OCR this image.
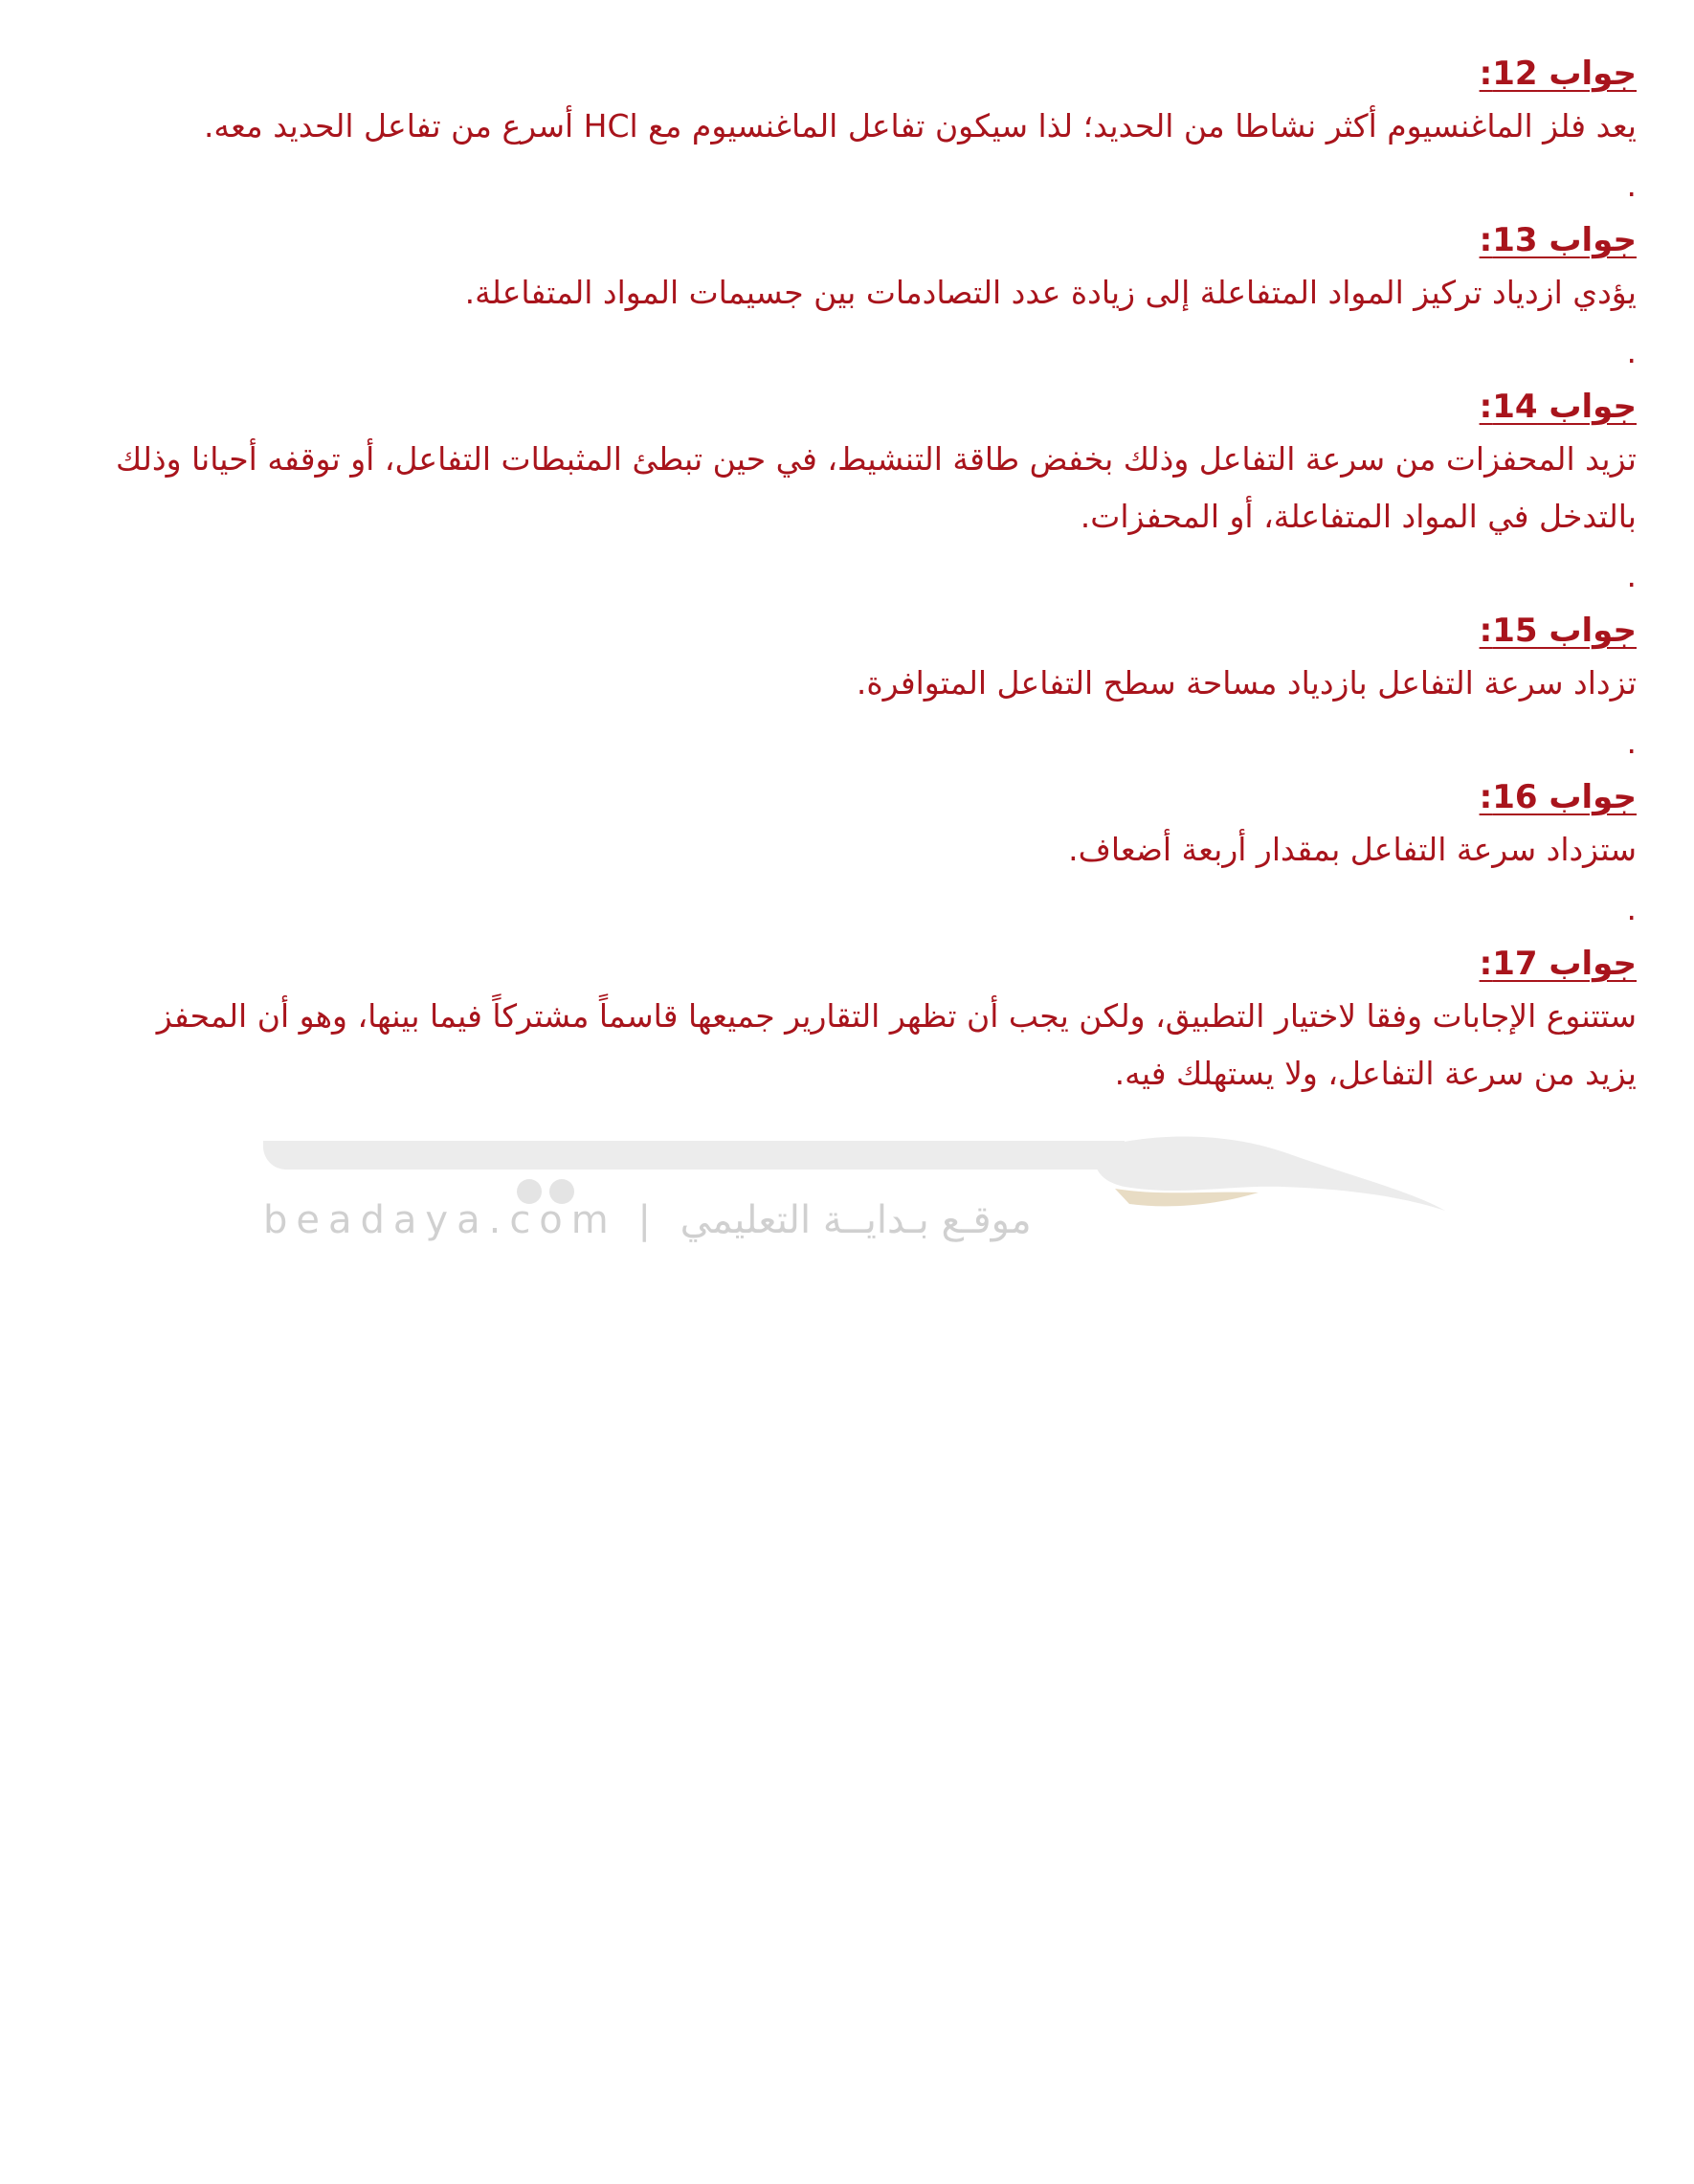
جواب 12:
يعد فلز الماغنسيوم أكثر نشاطا من الحديد؛ لذا سيكون تفاعل الماغنسيوم مع HCl أسرع من تفاعل الحديد معه.
.
جواب 13:
يؤدي ازدياد تركيز المواد المتفاعلة إلى زيادة عدد التصادمات بين جسيمات المواد المتفاعلة.
.
جواب 14:
تزيد المحفزات من سرعة التفاعل وذلك بخفض طاقة التنشيط، في حين تبطئ المثبطات التفاعل، أو توقفه أحيانا وذلك
بالتدخل في المواد المتفاعلة، أو المحفزات.
.
جواب 15:
تزداد سرعة التفاعل بازدياد مساحة سطح التفاعل المتوافرة.
.
جواب 16:
ستزداد سرعة التفاعل بمقدار أربعة أضعاف.
.
جواب 17:
ستتنوع الإجابات وفقا لاختيار التطبيق، ولكن يجب أن تظهر التقارير جميعها قاسماً مشتركاً فيما بينها، وهو أن المحفز
يزيد من سرعة التفاعل، ولا يستهلك فيه.
beadaya.com | موقـع بـدايــة التعليمي
